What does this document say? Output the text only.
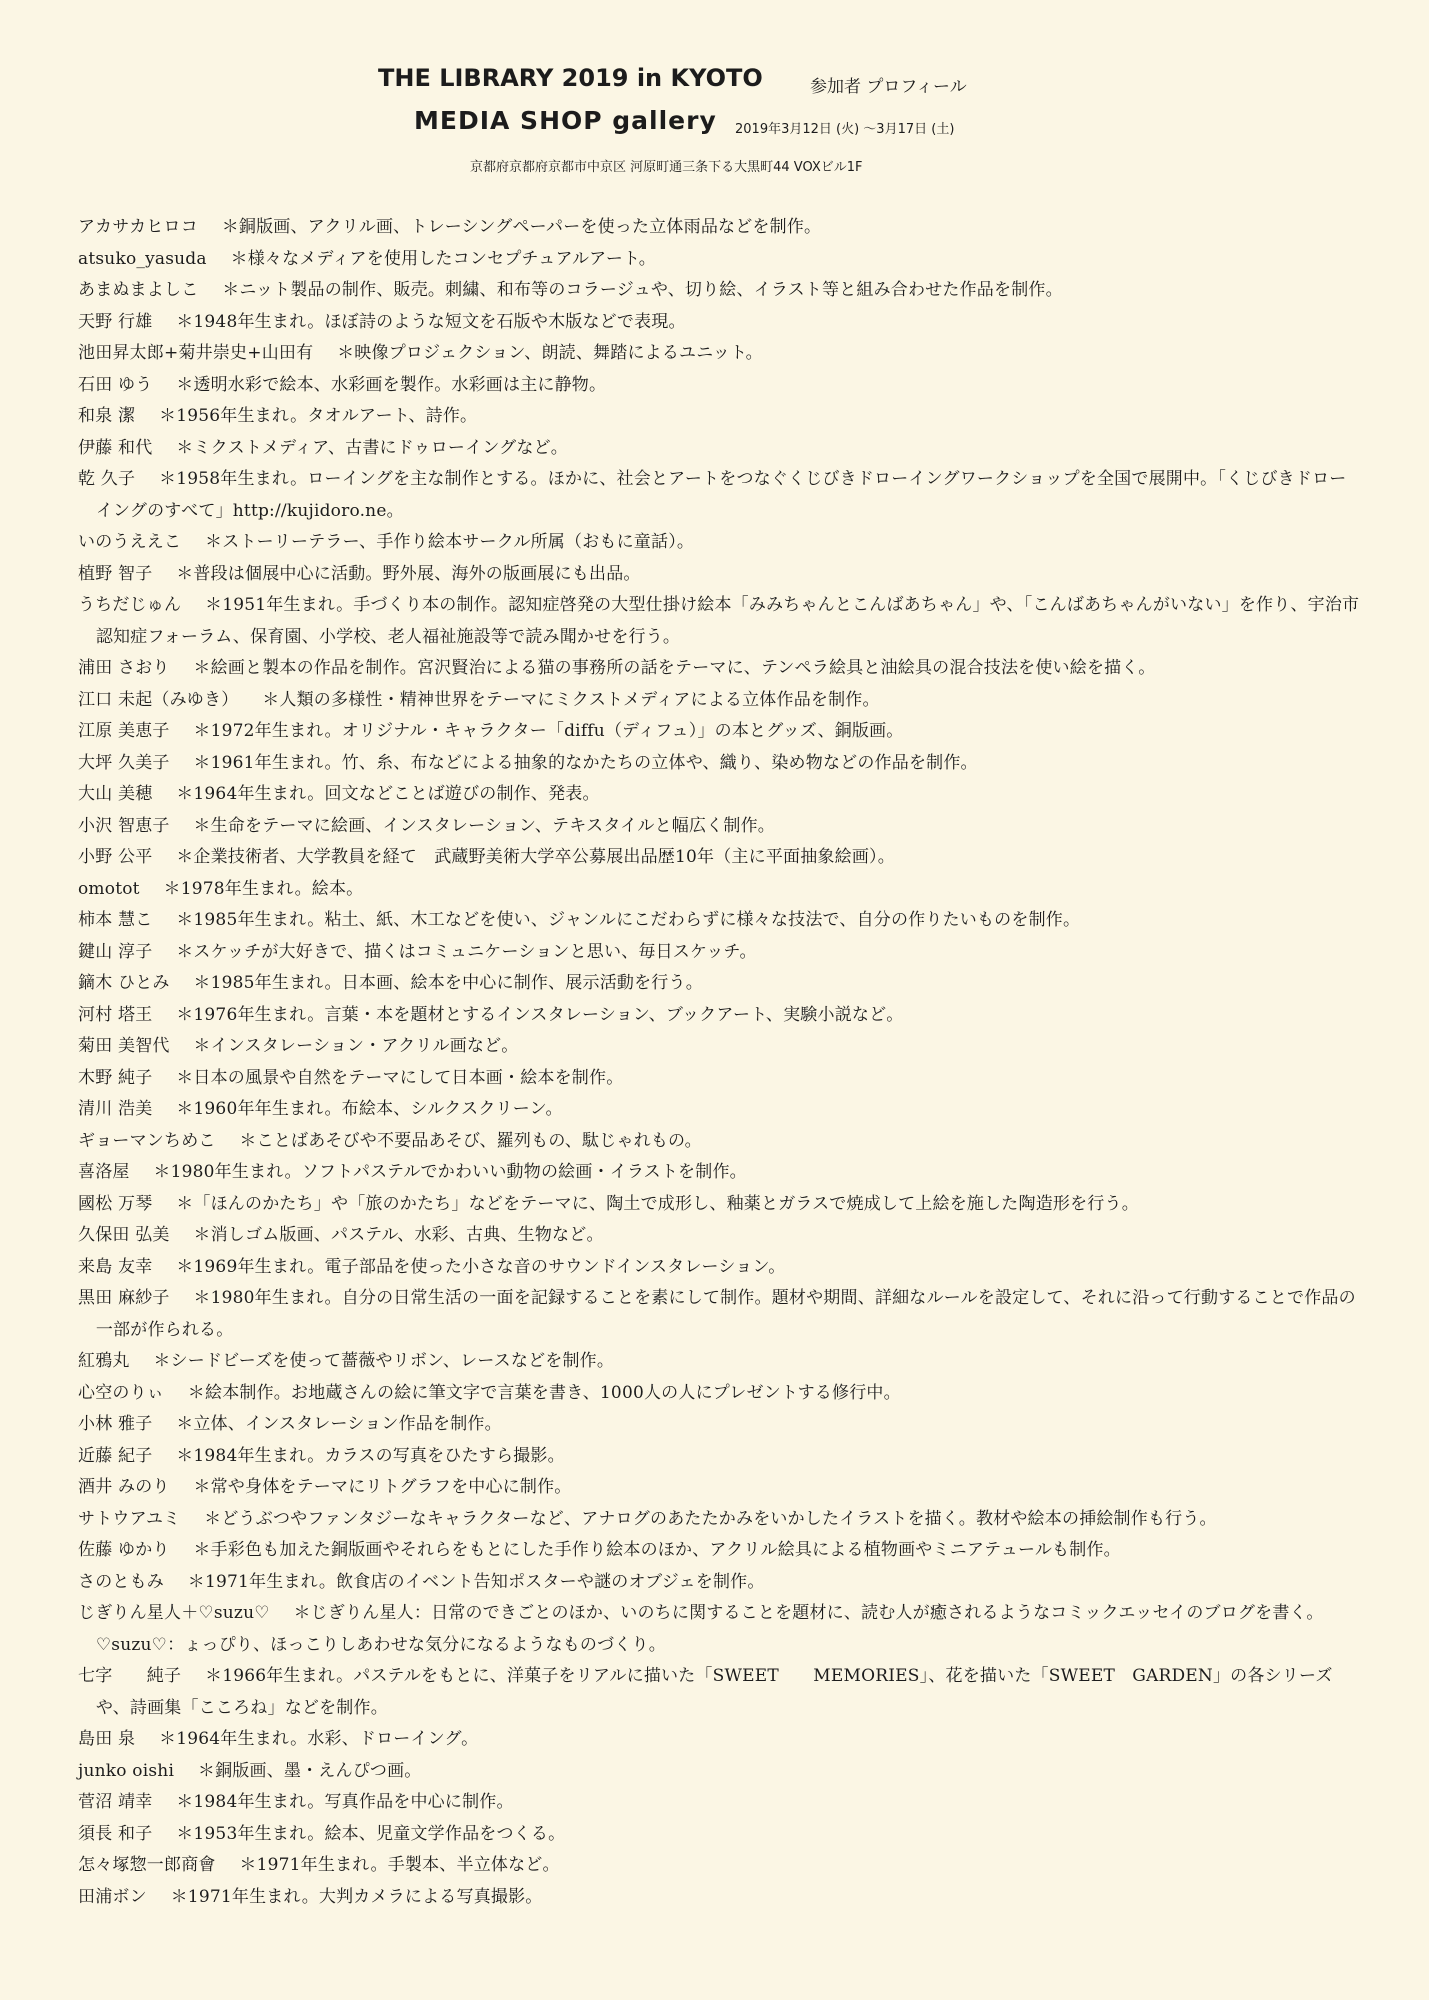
THE LIBRARY 2019 in KYOTO	参加者 プロフィール
MEDIA SHOP gallery 2019年3月12日 (火) ～3月17日 (土)
京都府京都府京都市中京区 河原町通三条下る大黒町44 VOXビル1F
アカサカヒロコ ＊銅版画、アクリル画、トレーシングペーパーを使った立体雨品などを制作。
atsuko_yasuda ＊様々なメディアを使用したコンセプチュアルアート。
あまぬまよしこ ＊ニット製品の制作、販売。刺繍、和布等のコラージュや、切り絵、イラスト等と組み合わせた作品を制作。
天野 行雄 ＊1948年生まれ。ほぼ詩のような短文を石版や木版などで表現。
池田昇太郎+菊井崇史+山田有 ＊映像プロジェクション、朗読、舞踏によるユニット。
石田 ゆう ＊透明水彩で絵本、水彩画を製作。水彩画は主に静物。
和泉 潔 ＊1956年生まれ。タオルアート、詩作。
伊藤 和代 ＊ミクストメディア、古書にドゥローイングなど。
乾 久子 ＊1958年生まれ。ローイングを主な制作とする。ほかに、社会とアートをつなぐくじびきドローイングワークショップを全国で展開中。「くじびきドローイングのすべて」http://kujidoro.ne。
いのうええこ ＊ストーリーテラー、手作り絵本サークル所属（おもに童話）。
植野 智子 ＊普段は個展中心に活動。野外展、海外の版画展にも出品。
うちだじゅん ＊1951年生まれ。手づくり本の制作。認知症啓発の大型仕掛け絵本「みみちゃんとこんばあちゃん」や、「こんばあちゃんがいない」を作り、宇治市認知症フォーラム、保育園、小学校、老人福祉施設等で読み聞かせを行う。
浦田 さおり ＊絵画と製本の作品を制作。宮沢賢治による猫の事務所の話をテーマに、テンペラ絵具と油絵具の混合技法を使い絵を描く。
江口 未起（みゆき） ＊人類の多様性・精神世界をテーマにミクストメディアによる立体作品を制作。
江原 美恵子 ＊1972年生まれ。オリジナル・キャラクター「diffu（ディフュ）」の本とグッズ、銅版画。
大坪 久美子 ＊1961年生まれ。竹、糸、布などによる抽象的なかたちの立体や、織り、染め物などの作品を制作。
大山 美穂 ＊1964年生まれ。回文などことば遊びの制作、発表。
小沢 智恵子 ＊生命をテーマに絵画、インスタレーション、テキスタイルと幅広く制作。
小野 公平 ＊企業技術者、大学教員を経て　武蔵野美術大学卒公募展出品歴10年（主に平面抽象絵画）。
omotot ＊1978年生まれ。絵本。
柿本 慧こ ＊1985年生まれ。粘土、紙、木工などを使い、ジャンルにこだわらずに様々な技法で、自分の作りたいものを制作。
鍵山 淳子 ＊スケッチが大好きで、描くはコミュニケーションと思い、毎日スケッチ。
鏑木 ひとみ ＊1985年生まれ。日本画、絵本を中心に制作、展示活動を行う。
河村 塔王 ＊1976年生まれ。言葉・本を題材とするインスタレーション、ブックアート、実験小説など。
菊田 美智代 ＊インスタレーション・アクリル画など。
木野 純子 ＊日本の風景や自然をテーマにして日本画・絵本を制作。
清川 浩美 ＊1960年年生まれ。布絵本、シルクスクリーン。
ギョーマンちめこ ＊ことばあそびや不要品あそび、羅列もの、駄じゃれもの。
喜洛屋 ＊1980年生まれ。ソフトパステルでかわいい動物の絵画・イラストを制作。
國松 万琴 ＊「ほんのかたち」や「旅のかたち」などをテーマに、陶土で成形し、釉薬とガラスで焼成して上絵を施した陶造形を行う。
久保田 弘美 ＊消しゴム版画、パステル、水彩、古典、生物など。
来島 友幸 ＊1969年生まれ。電子部品を使った小さな音のサウンドインスタレーション。
黒田 麻紗子 ＊1980年生まれ。自分の日常生活の一面を記録することを素にして制作。題材や期間、詳細なルールを設定して、それに沿って行動することで作品の一部が作られる。
紅鴉丸 ＊シードビーズを使って薔薇やリボン、レースなどを制作。
心空のりぃ ＊絵本制作。お地蔵さんの絵に筆文字で言葉を書き、1000人の人にプレゼントする修行中。
小林 雅子 ＊立体、インスタレーション作品を制作。
近藤 紀子 ＊1984年生まれ。カラスの写真をひたすら撮影。
酒井 みのり ＊常や身体をテーマにリトグラフを中心に制作。
サトウアユミ ＊どうぶつやファンタジーなキャラクターなど、アナログのあたたかみをいかしたイラストを描く。教材や絵本の挿絵制作も行う。
佐藤 ゆかり ＊手彩色も加えた銅版画やそれらをもとにした手作り絵本のほか、アクリル絵具による植物画やミニアテュールも制作。
さのともみ ＊1971年生まれ。飲食店のイベント告知ポスターや謎のオブジェを制作。
じぎりん星人＋♡suzu♡ ＊じぎりん星人：日常のできごとのほか、いのちに関することを題材に、読む人が癒されるようなコミックエッセイのブログを書く。♡suzu♡：ょっぴり、ほっこりしあわせな気分になるようなものづくり。
七字　　純子 ＊1966年生まれ。パステルをもとに、洋菓子をリアルに描いた「SWEET　　MEMORIES」、花を描いた「SWEET　GARDEN」の各シリーズや、詩画集「こころね」などを制作。
島田 泉 ＊1964年生まれ。水彩、ドローイング。
junko oishi ＊銅版画、墨・えんぴつ画。
菅沼 靖幸 ＊1984年生まれ。写真作品を中心に制作。
須長 和子 ＊1953年生まれ。絵本、児童文学作品をつくる。
怎々塚惣一郎商會 ＊1971年生まれ。手製本、半立体など。
田浦ボン ＊1971年生まれ。大判カメラによる写真撮影。
